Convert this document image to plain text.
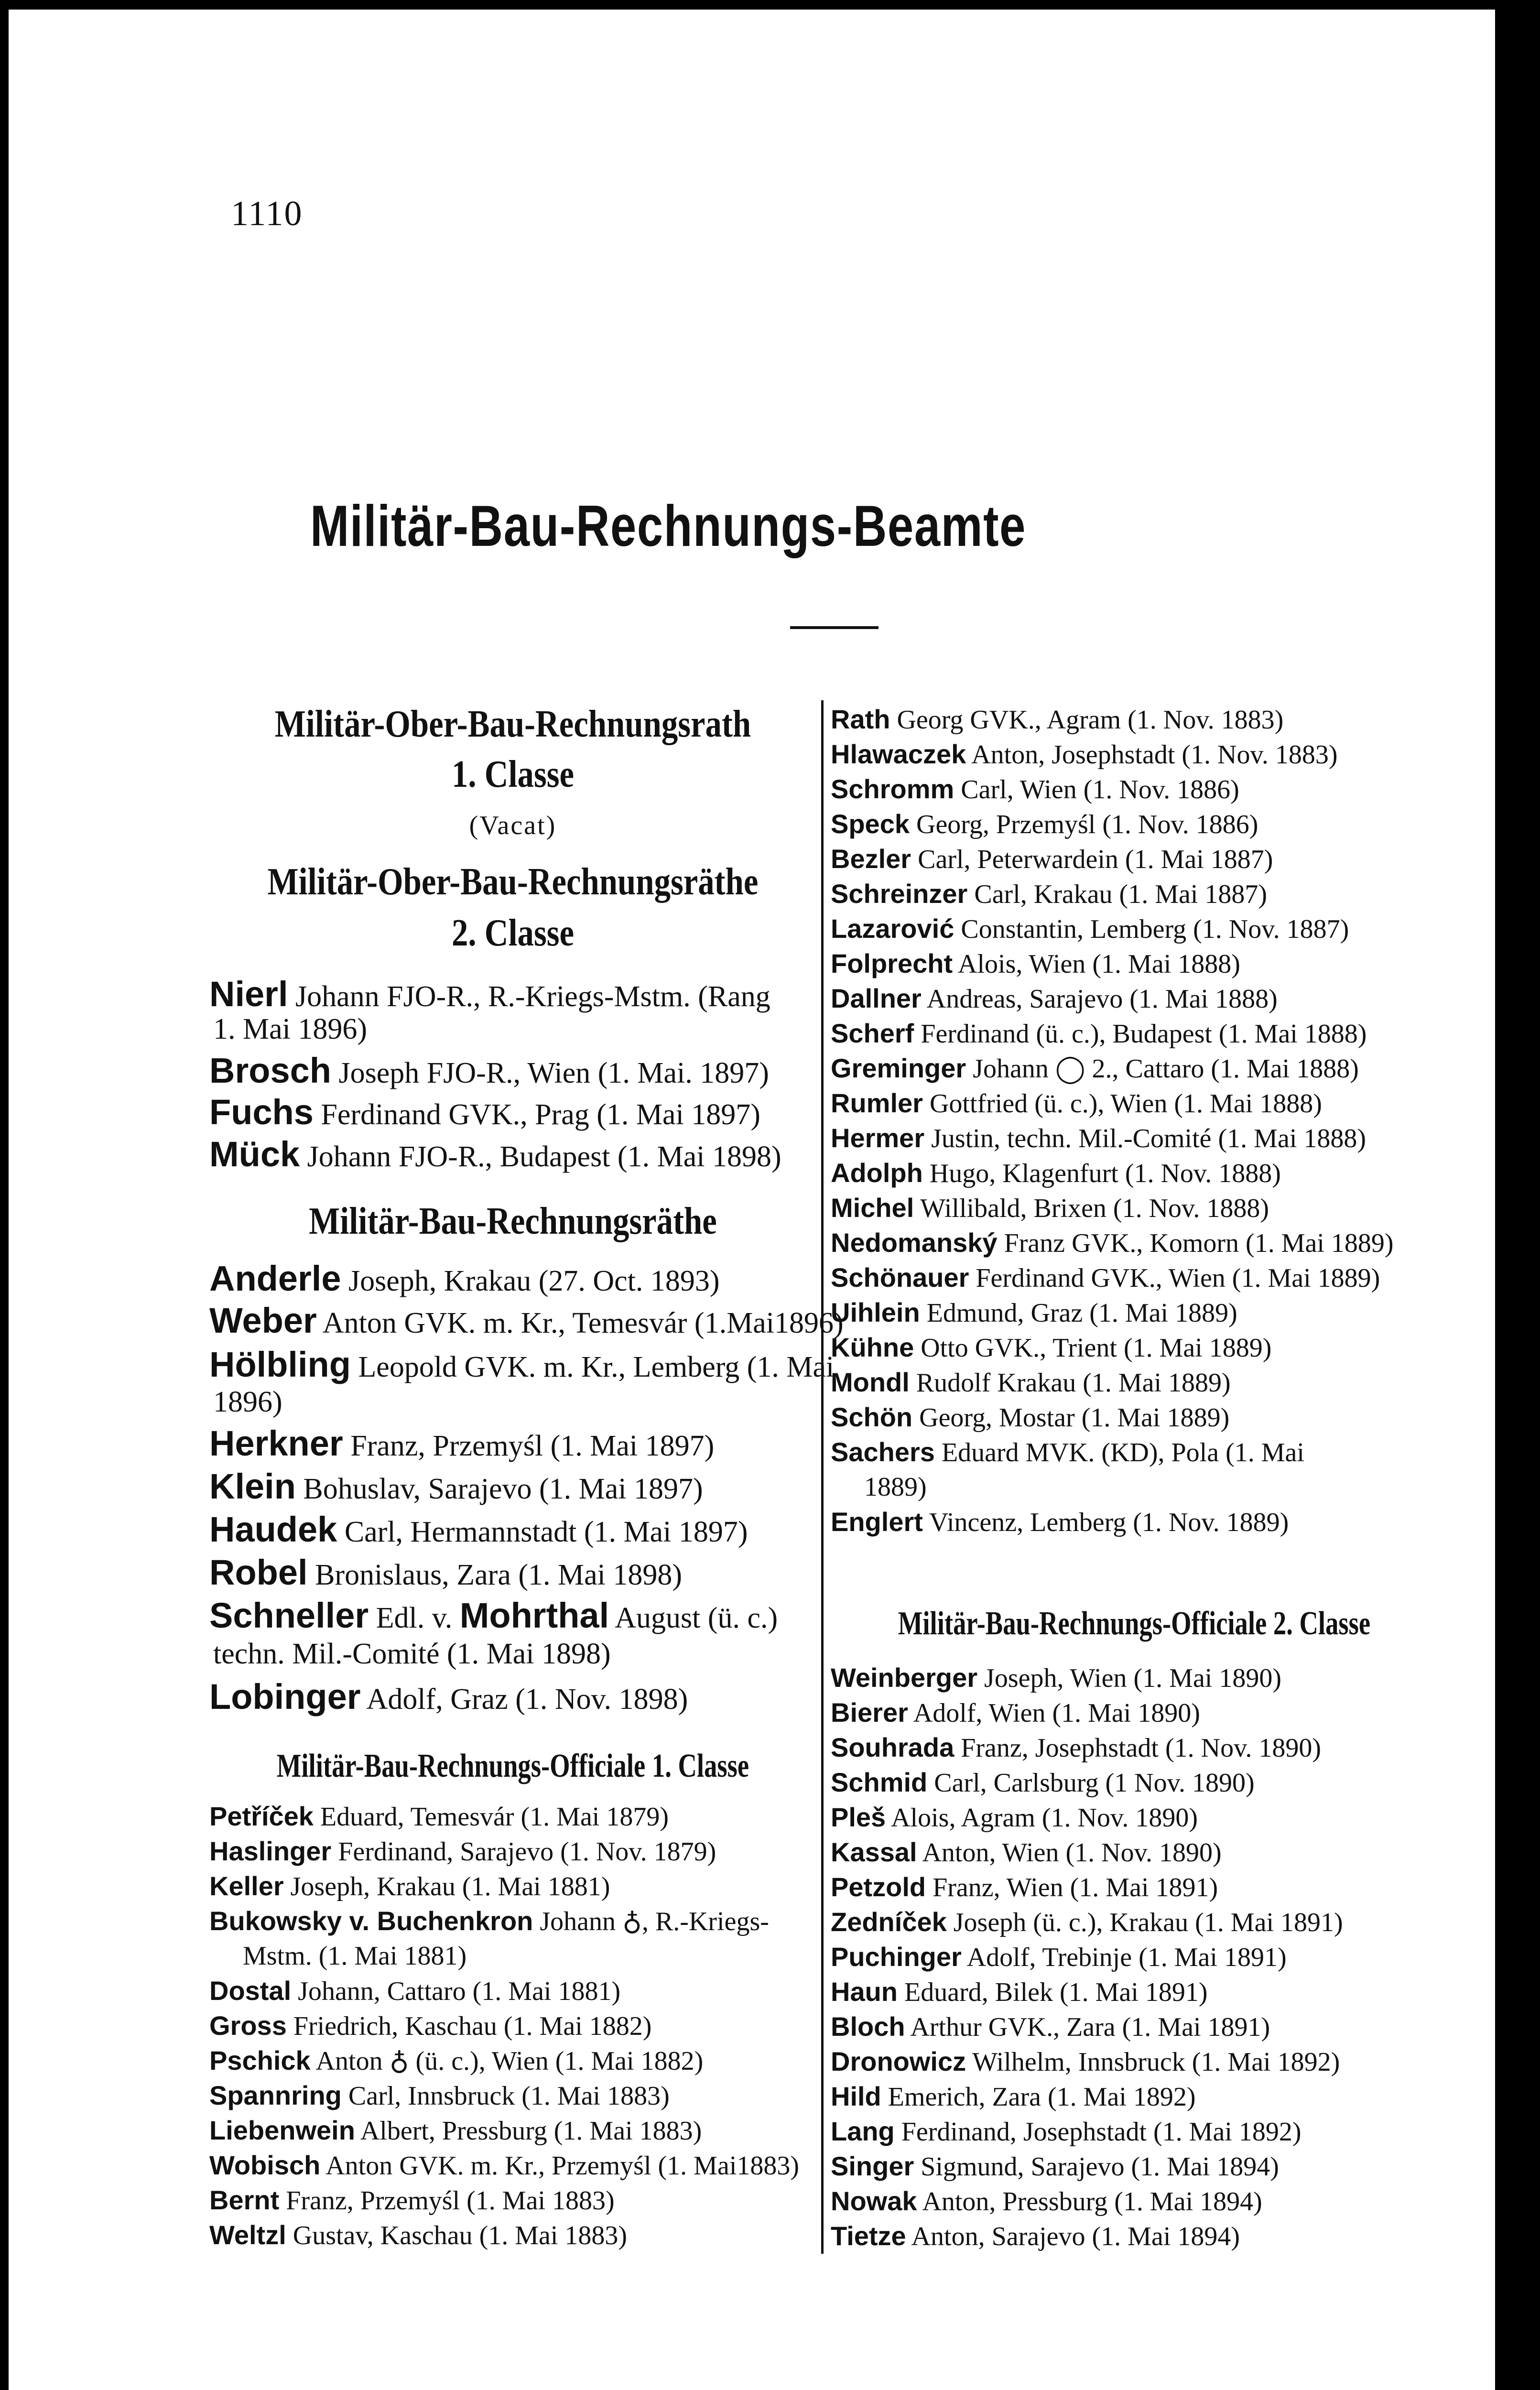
1110
Militär-Bau-Rechnungs-Beamte
Militär-Ober-Bau-Rechnungsrath
1. Classe
(Vacat)
Militär-Ober-Bau-Rechnungsräthe
2. Classe
Nierl Johann FJO-R., R.-Kriegs-Mstm. (Rang
1. Mai 1896)
Brosch Joseph FJO-R., Wien (1. Mai. 1897)
Fuchs Ferdinand GVK., Prag (1. Mai 1897)
Mück Johann FJO-R., Budapest (1. Mai 1898)
Militär-Bau-Rechnungsräthe
Anderle Joseph, Krakau (27. Oct. 1893)
Weber Anton GVK. m. Kr., Temesvár (1.Mai1896)
Hölbling Leopold GVK. m. Kr., Lemberg (1. Mai
1896)
Herkner Franz, Przemyśl (1. Mai 1897)
Klein Bohuslav, Sarajevo (1. Mai 1897)
Haudek Carl, Hermannstadt (1. Mai 1897)
Robel Bronislaus, Zara (1. Mai 1898)
Schneller Edl. v. Mohrthal August (ü. c.)
techn. Mil.-Comité (1. Mai 1898)
Lobinger Adolf, Graz (1. Nov. 1898)
Militär-Bau-Rechnungs-Officiale 1. Classe
Petříček Eduard, Temesvár (1. Mai 1879)
Haslinger Ferdinand, Sarajevo (1. Nov. 1879)
Keller Joseph, Krakau (1. Mai 1881)
Bukowsky v. Buchenkron Johann ♁, R.-Kriegs-
Mstm. (1. Mai 1881)
Dostal Johann, Cattaro (1. Mai 1881)
Gross Friedrich, Kaschau (1. Mai 1882)
Pschick Anton ♁ (ü. c.), Wien (1. Mai 1882)
Spannring Carl, Innsbruck (1. Mai 1883)
Liebenwein Albert, Pressburg (1. Mai 1883)
Wobisch Anton GVK. m. Kr., Przemyśl (1. Mai1883)
Bernt Franz, Przemyśl (1. Mai 1883)
Weltzl Gustav, Kaschau (1. Mai 1883)
Rath Georg GVK., Agram (1. Nov. 1883)
Hlawaczek Anton, Josephstadt (1. Nov. 1883)
Schromm Carl, Wien (1. Nov. 1886)
Speck Georg, Przemyśl (1. Nov. 1886)
Bezler Carl, Peterwardein (1. Mai 1887)
Schreinzer Carl, Krakau (1. Mai 1887)
Lazarović Constantin, Lemberg (1. Nov. 1887)
Folprecht Alois, Wien (1. Mai 1888)
Dallner Andreas, Sarajevo (1. Mai 1888)
Scherf Ferdinand (ü. c.), Budapest (1. Mai 1888)
Greminger Johann ◯ 2., Cattaro (1. Mai 1888)
Rumler Gottfried (ü. c.), Wien (1. Mai 1888)
Hermer Justin, techn. Mil.-Comité (1. Mai 1888)
Adolph Hugo, Klagenfurt (1. Nov. 1888)
Michel Willibald, Brixen (1. Nov. 1888)
Nedomanský Franz GVK., Komorn (1. Mai 1889)
Schönauer Ferdinand GVK., Wien (1. Mai 1889)
Uihlein Edmund, Graz (1. Mai 1889)
Kühne Otto GVK., Trient (1. Mai 1889)
Mondl Rudolf Krakau (1. Mai 1889)
Schön Georg, Mostar (1. Mai 1889)
Sachers Eduard MVK. (KD), Pola (1. Mai
1889)
Englert Vincenz, Lemberg (1. Nov. 1889)
Militär-Bau-Rechnungs-Officiale 2. Classe
Weinberger Joseph, Wien (1. Mai 1890)
Bierer Adolf, Wien (1. Mai 1890)
Souhrada Franz, Josephstadt (1. Nov. 1890)
Schmid Carl, Carlsburg (1 Nov. 1890)
Pleš Alois, Agram (1. Nov. 1890)
Kassal Anton, Wien (1. Nov. 1890)
Petzold Franz, Wien (1. Mai 1891)
Zedníček Joseph (ü. c.), Krakau (1. Mai 1891)
Puchinger Adolf, Trebinje (1. Mai 1891)
Haun Eduard, Bilek (1. Mai 1891)
Bloch Arthur GVK., Zara (1. Mai 1891)
Dronowicz Wilhelm, Innsbruck (1. Mai 1892)
Hild Emerich, Zara (1. Mai 1892)
Lang Ferdinand, Josephstadt (1. Mai 1892)
Singer Sigmund, Sarajevo (1. Mai 1894)
Nowak Anton, Pressburg (1. Mai 1894)
Tietze Anton, Sarajevo (1. Mai 1894)
